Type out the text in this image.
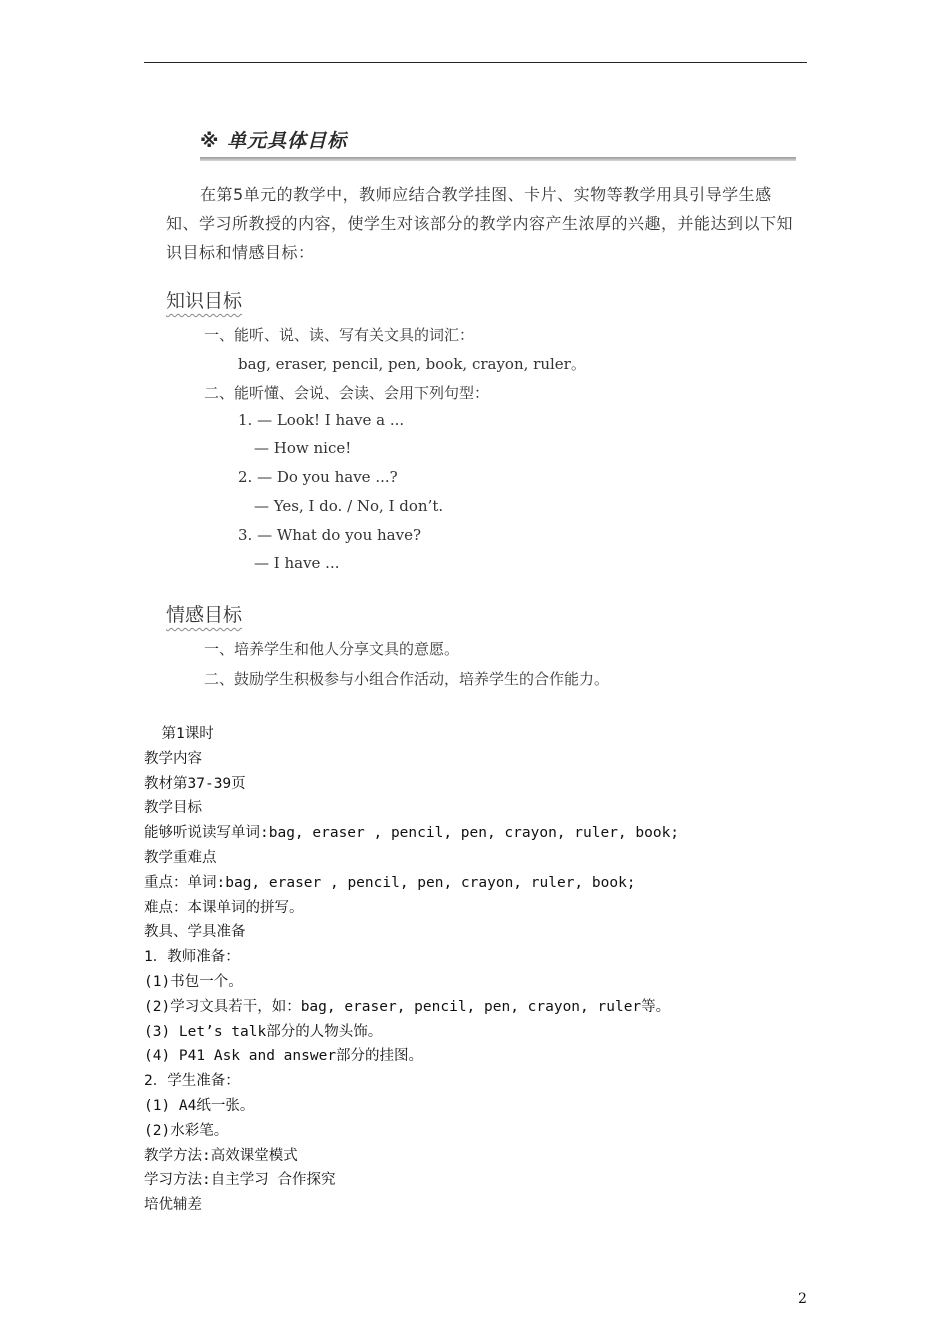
※ 单元具体目标
在第5单元的教学中，教师应结合教学挂图、卡片、实物等教学用具引导学生感知、学习所教授的内容，使学生对该部分的教学内容产生浓厚的兴趣，并能达到以下知识目标和情感目标：
知识目标
一、能听、说、读、写有关文具的词汇：
bag, eraser, pencil, pen, book, crayon, ruler。
二、能听懂、会说、会读、会用下列句型：
1. — Look! I have a ...
— How nice!
2. — Do you have ...?
— Yes, I do. / No, I don’t.
3. — What do you have?
— I have ...
情感目标
一、培养学生和他人分享文具的意愿。
二、鼓励学生积极参与小组合作活动，培养学生的合作能力。
第1课时
教学内容
教材第37-39页
教学目标
能够听说读写单词:bag, eraser , pencil, pen, crayon, ruler, book;
教学重难点
重点：单词:bag, eraser , pencil, pen, crayon, ruler, book;
难点：本课单词的拼写。
教具、学具准备
1．教师准备：
(1)书包一个。
(2)学习文具若干，如：bag, eraser, pencil, pen, crayon, ruler等。
(3) Let’s talk部分的人物头饰。
(4) P41 Ask and answer部分的挂图。
2．学生准备：
(1) A4纸一张。
(2)水彩笔。
教学方法:高效课堂模式
学习方法:自主学习 合作探究
培优辅差
2
